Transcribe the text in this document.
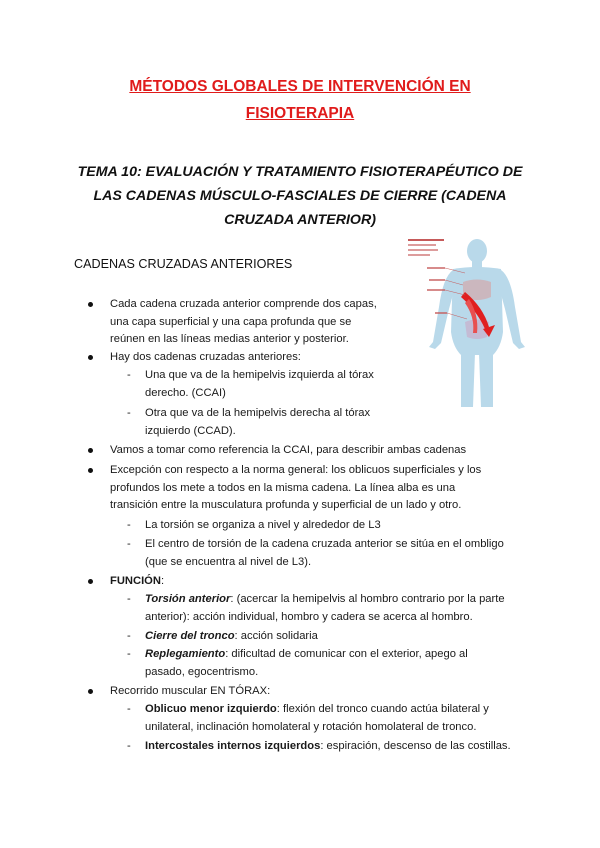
MÉTODOS GLOBALES DE INTERVENCIÓN EN
FISIOTERAPIA
TEMA 10: EVALUACIÓN Y TRATAMIENTO FISIOTERAPÉUTICO DE
LAS CADENAS MÚSCULO-FASCIALES DE CIERRE (CADENA
CRUZADA ANTERIOR)
CADENAS CRUZADAS ANTERIORES
Cada cadena cruzada anterior comprende dos capas,
una capa superficial y una capa profunda que se
reúnen en las líneas medias anterior y posterior.
Hay dos cadenas cruzadas anteriores:
- Una que va de la hemipelvis izquierda al tórax
derecho. (CCAI)
- Otra que va de la hemipelvis derecha al tórax
izquierdo (CCAD).
Vamos a tomar como referencia la CCAI, para describir ambas cadenas
Excepción con respecto a la norma general: los oblicuos superficiales y los
profundos los mete a todos en la misma cadena. La línea alba es una
transición entre la musculatura profunda y superficial de un lado y otro.
- La torsión se organiza a nivel y alrededor de L3
- El centro de torsión de la cadena cruzada anterior se sitúa en el ombligo
(que se encuentra al nivel de L3).
FUNCIÓN:
- Torsión anterior: (acercar la hemipelvis al hombro contrario por la parte
anterior): acción individual, hombro y cadera se acerca al hombro.
- Cierre del tronco: acción solidaria
- Replegamiento: dificultad de comunicar con el exterior, apego al
pasado, egocentrismo.
Recorrido muscular EN TÓRAX:
- Oblicuo menor izquierdo: flexión del tronco cuando actúa bilateral y
unilateral, inclinación homolateral y rotación homolateral de tronco.
- Intercostales internos izquierdos: espiración, descenso de las costillas.
